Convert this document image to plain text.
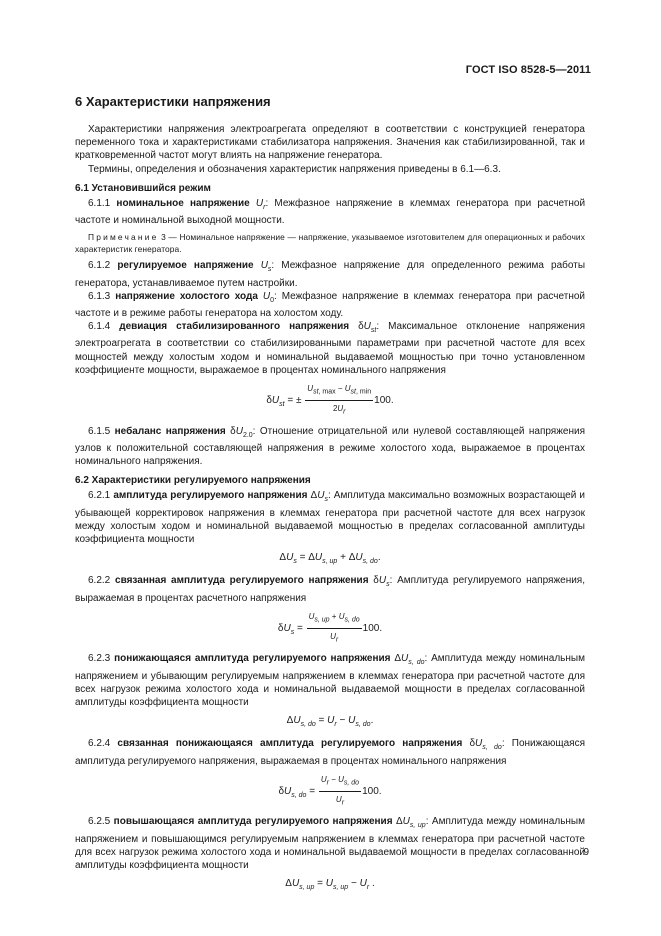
ГОСТ ISO 8528-5—2011
6 Характеристики напряжения

Характеристики напряжения электроагрегата определяют в соответствии с конструкцией генератора переменного тока и характеристиками стабилизатора напряжения. Значения как стабилизированной, так и кратковременной частот могут влиять на напряжение генератора.

Термины, определения и обозначения характеристик напряжения приведены в 6.1—6.3.

6.1 Установившийся режим

6.1.1 номинальное напряжение $U_r$: Межфазное напряжение в клеммах генератора при расчетной частоте и номинальной выходной мощности.

Примечание 3 — Номинальное напряжение — напряжение, указываемое изготовителем для операционных и рабочих характеристик генератора.

6.1.2 регулируемое напряжение $U_s$: Межфазное напряжение для определенного режима работы генератора, устанавливаемое путем настройки.

6.1.3 напряжение холостого хода $U_0$: Межфазное напряжение в клеммах генератора при расчетной частоте и в режиме работы генератора на холостом ходу.

6.1.4 девиация стабилизированного напряжения $\delta U_{st}$: Максимальное отклонение напряжения электроагрегата в соответствии со стабилизированными параметрами при расчетной частоте для всех мощностей между холостым ходом и номинальной выдаваемой мощностью при точно установленном коэффициенте мощности, выражаемое в процентах номинального напряжения

$\delta U_{st}$ = ± $\frac{U_{st, max} - U_{st, min}}{2U_r} 100$.

6.1.5 небаланс напряжения $\delta U_{2.0}$: Отношение отрицательной или нулевой составляющей напряжения узлов к положительной составляющей напряжения в режиме холостого хода, выражаемое в процентах номинального напряжения.

6.2 Характеристики регулируемого напряжения

6.2.1 амплитуда регулируемого напряжения $\Delta U_s$: Амплитуда максимально возможных возрастающей и убывающей корректировок напряжения в клеммах генератора при расчетной частоте для всех нагрузок между холостым ходом и номинальной выдаваемой мощностью в пределах согласованной амплитуды коэффициента мощности

$\Delta U_s = \Delta U_{s, up} + \Delta U_{s, do}$.

6.2.2 связанная амплитуда регулируемого напряжения $\delta U_s$: Амплитуда регулируемого напряжения, выражаемая в процентах расчетного напряжения

$\delta U_s = \frac{U_{s, up} + U_{s, do}}{U_r} 100$.

6.2.3 понижающаяся амплитуда регулируемого напряжения $\Delta U_{s, do}$: Амплитуда между номинальным напряжением и убывающим регулируемым напряжением в клеммах генератора при расчетной частоте для всех нагрузок режима холостого хода и номинальной выдаваемой мощности в пределах согласованной амплитуды коэффициента мощности

$\Delta U_{s, do} = U_r - U_{s, do}$.

6.2.4 связанная понижающаяся амплитуда регулируемого напряжения $\delta U_{s, do}$: Понижающаяся амплитуда регулируемого напряжения, выражаемая в процентах номинального напряжения

$\delta U_{s, do} = \frac{U_r - U_{s, do}}{U_r} 100$.

6.2.5 повышающаяся амплитуда регулируемого напряжения $\Delta U_{s, up}$: Амплитуда между номинальным напряжением и повышающимся регулируемым напряжением в клеммах генератора при расчетной частоте для всех нагрузок режима холостого хода и номинальной выдаваемой мощности в пределах согласованной амплитуды коэффициента мощности

$\Delta U_{s, up} = U_{s, up} - U_r$ .
9
